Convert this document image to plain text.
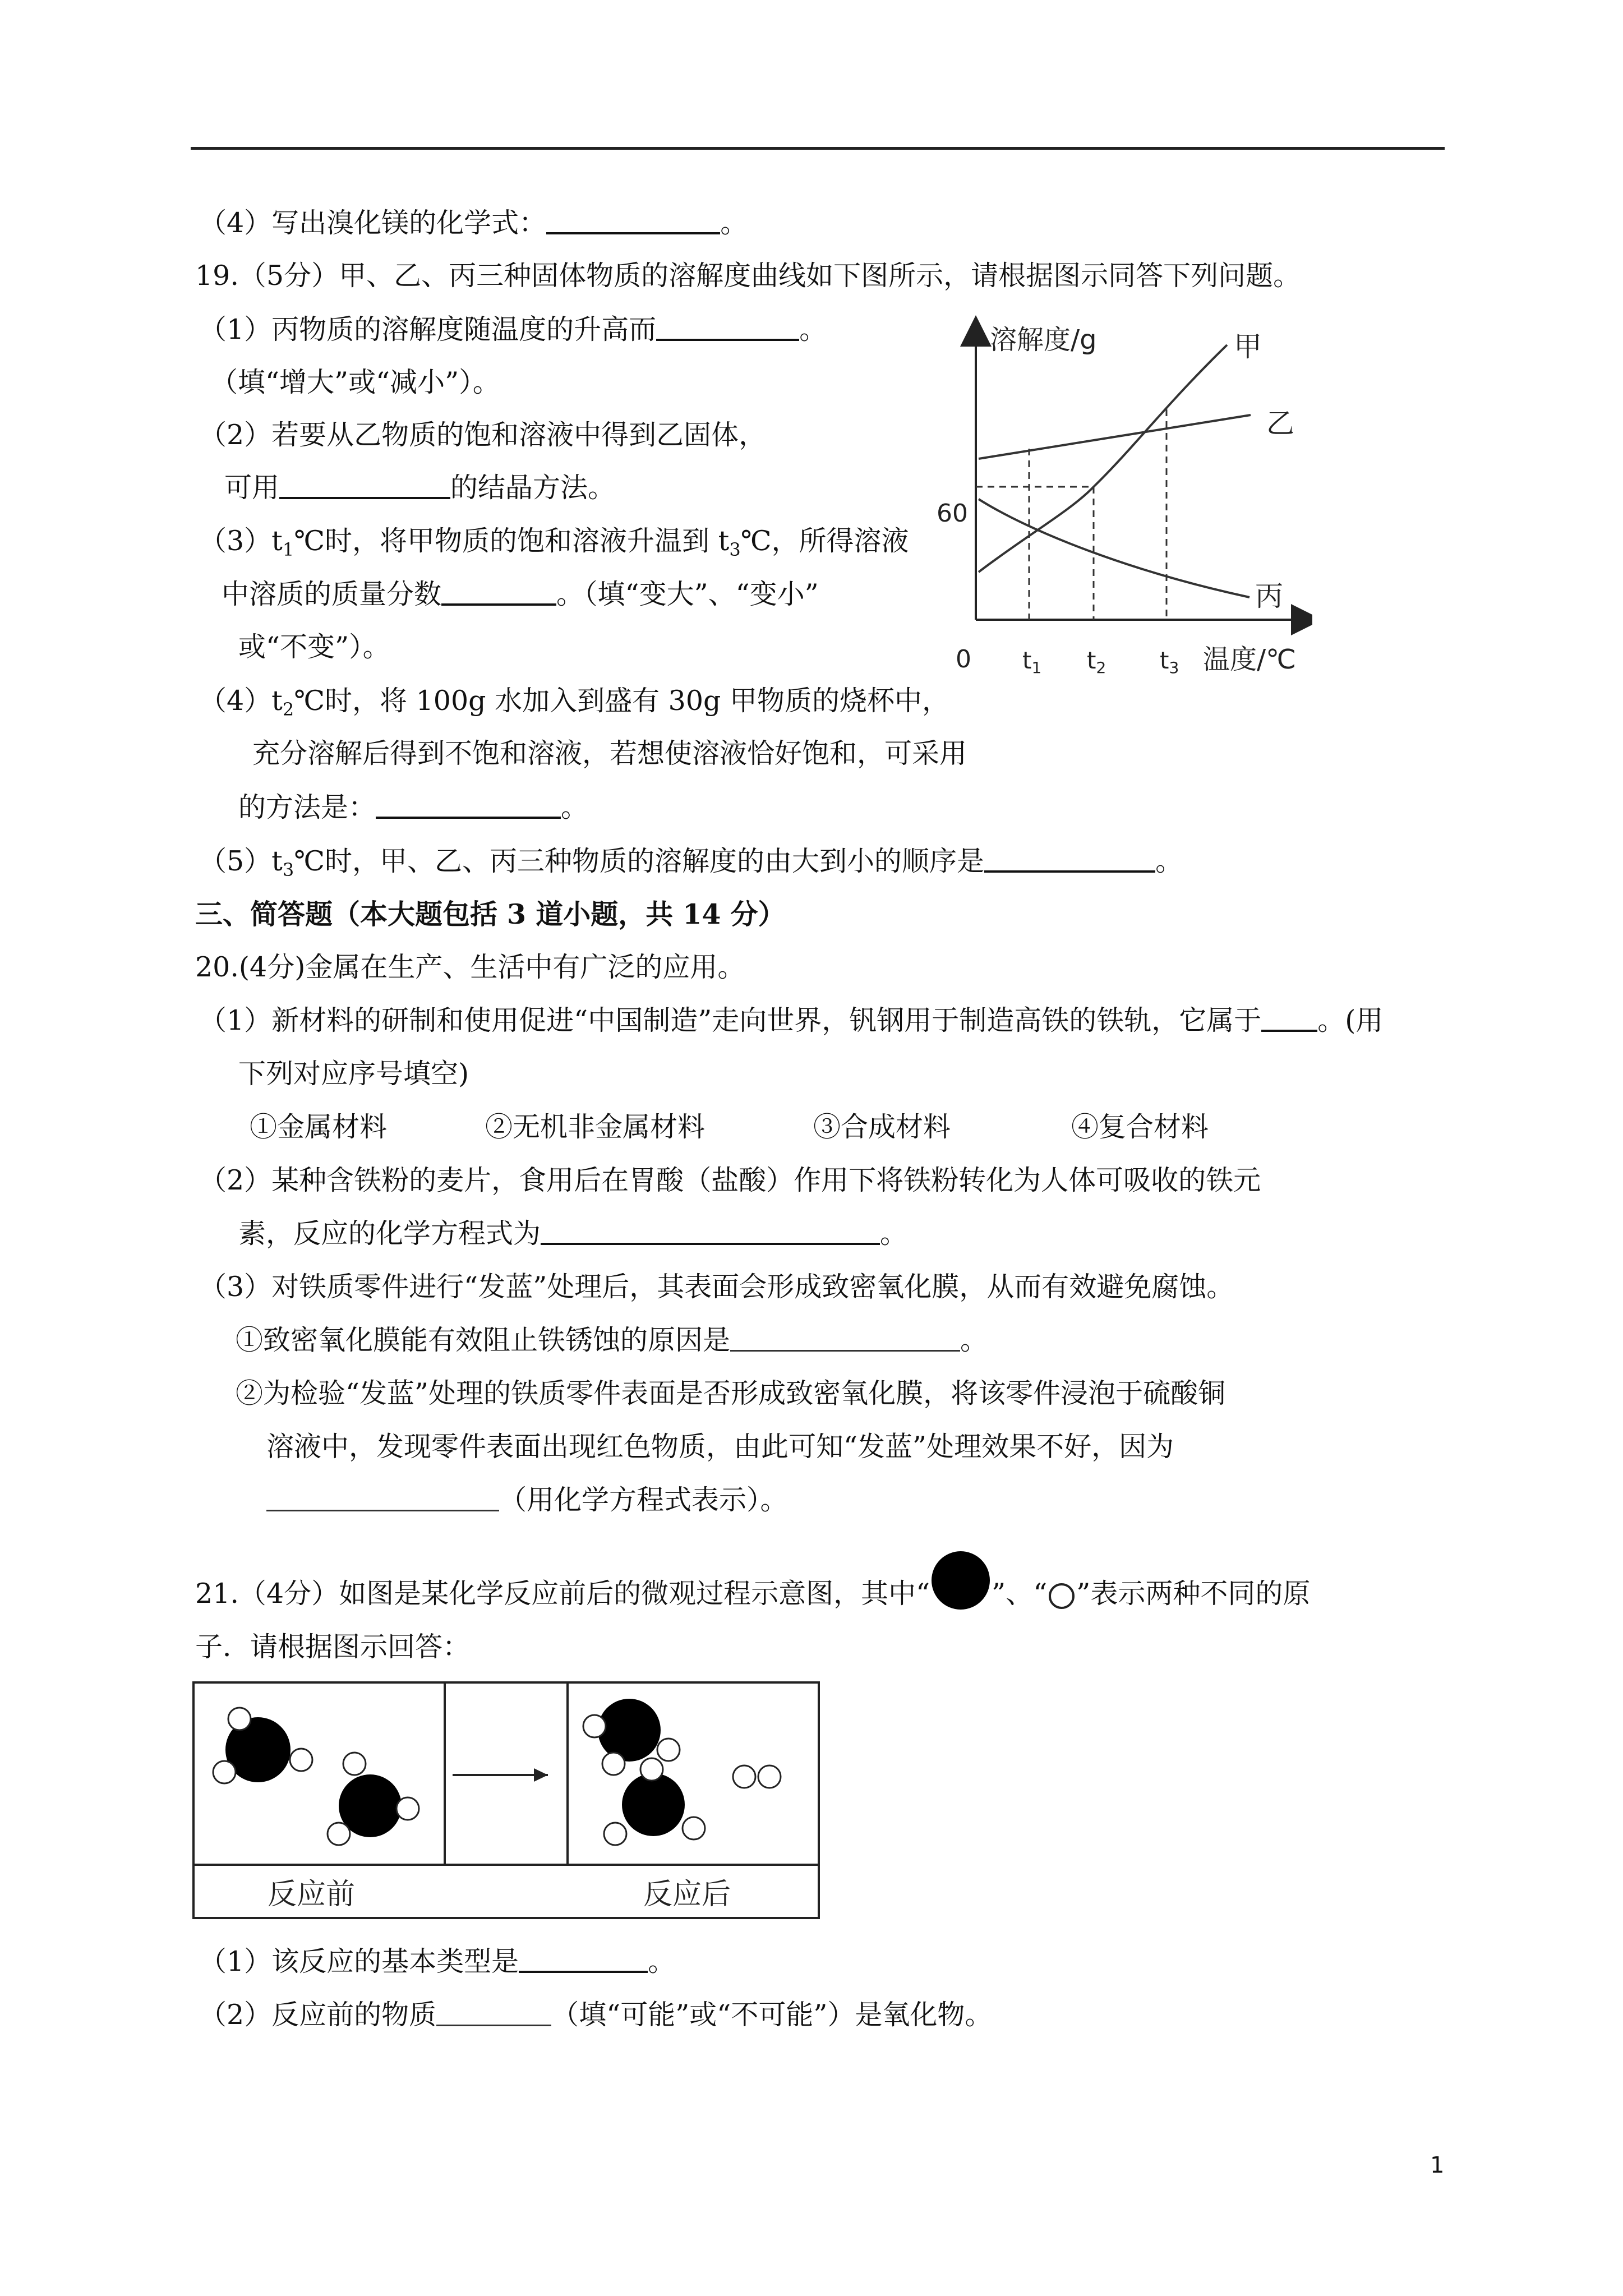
（4）写出溴化镁的化学式：	。
19.（5分）甲、乙、丙三种固体物质的溶解度曲线如下图所示，请根据图示同答下列问题。
（1）丙物质的溶解度随温度的升高而	。
（填“增大”或“减小”）。
（2）若要从乙物质的饱和溶液中得到乙固体，
可用	的结晶方法。
$(3)t_1℃$时，将甲物质的饱和溶液升温到 $t_3℃$，所得溶液
中溶质的质量分数	。（填“变大”、“变小”
或“不变”）。
$(4)t_2℃$时，将 100g 水加入到盛有 30g 甲物质的烧杯中，
充分溶解后得到不饱和溶液，若想使溶液恰好饱和，可采用
的方法是：	。
$(5)t_3℃$时，甲、乙、丙三种物质的溶解度的由大到小的顺序是	。
溶解度/g
温度/℃
0
60
t1 t2 t3
甲
乙
丙
三、简答题（本大题包括 3 道小题，共 14 分）
20.(4分)金属在生产、生活中有广泛的应用。
（1）新材料的研制和使用促进“中国制造”走向世界，钒钢用于制造高铁的铁轨，它属于 。(用
下列对应序号填空)
①金属材料	②无机非金属材料	③合成材料	④复合材料
（2）某种含铁粉的麦片，食用后在胃酸（盐酸）作用下将铁粉转化为人体可吸收的铁元
素，反应的化学方程式为	。
（3）对铁质零件进行“发蓝”处理后，其表面会形成致密氧化膜，从而有效避免腐蚀。
①致密氧化膜能有效阻止铁锈蚀的原因是	。
②为检验“发蓝”处理的铁质零件表面是否形成致密氧化膜，将该零件浸泡于硫酸铜
溶液中，发现零件表面出现红色物质，由此可知“发蓝”处理效果不好，因为
（用化学方程式表示）。
21.（4分）如图是某化学反应前后的微观过程示意图，其中“ ”、“ ”表示两种不同的原
子．请根据图示回答：
反应前	反应后
（1）该反应的基本类型是	。
（2）反应前的物质	（填“可能”或“不可能”）是氧化物。
1
